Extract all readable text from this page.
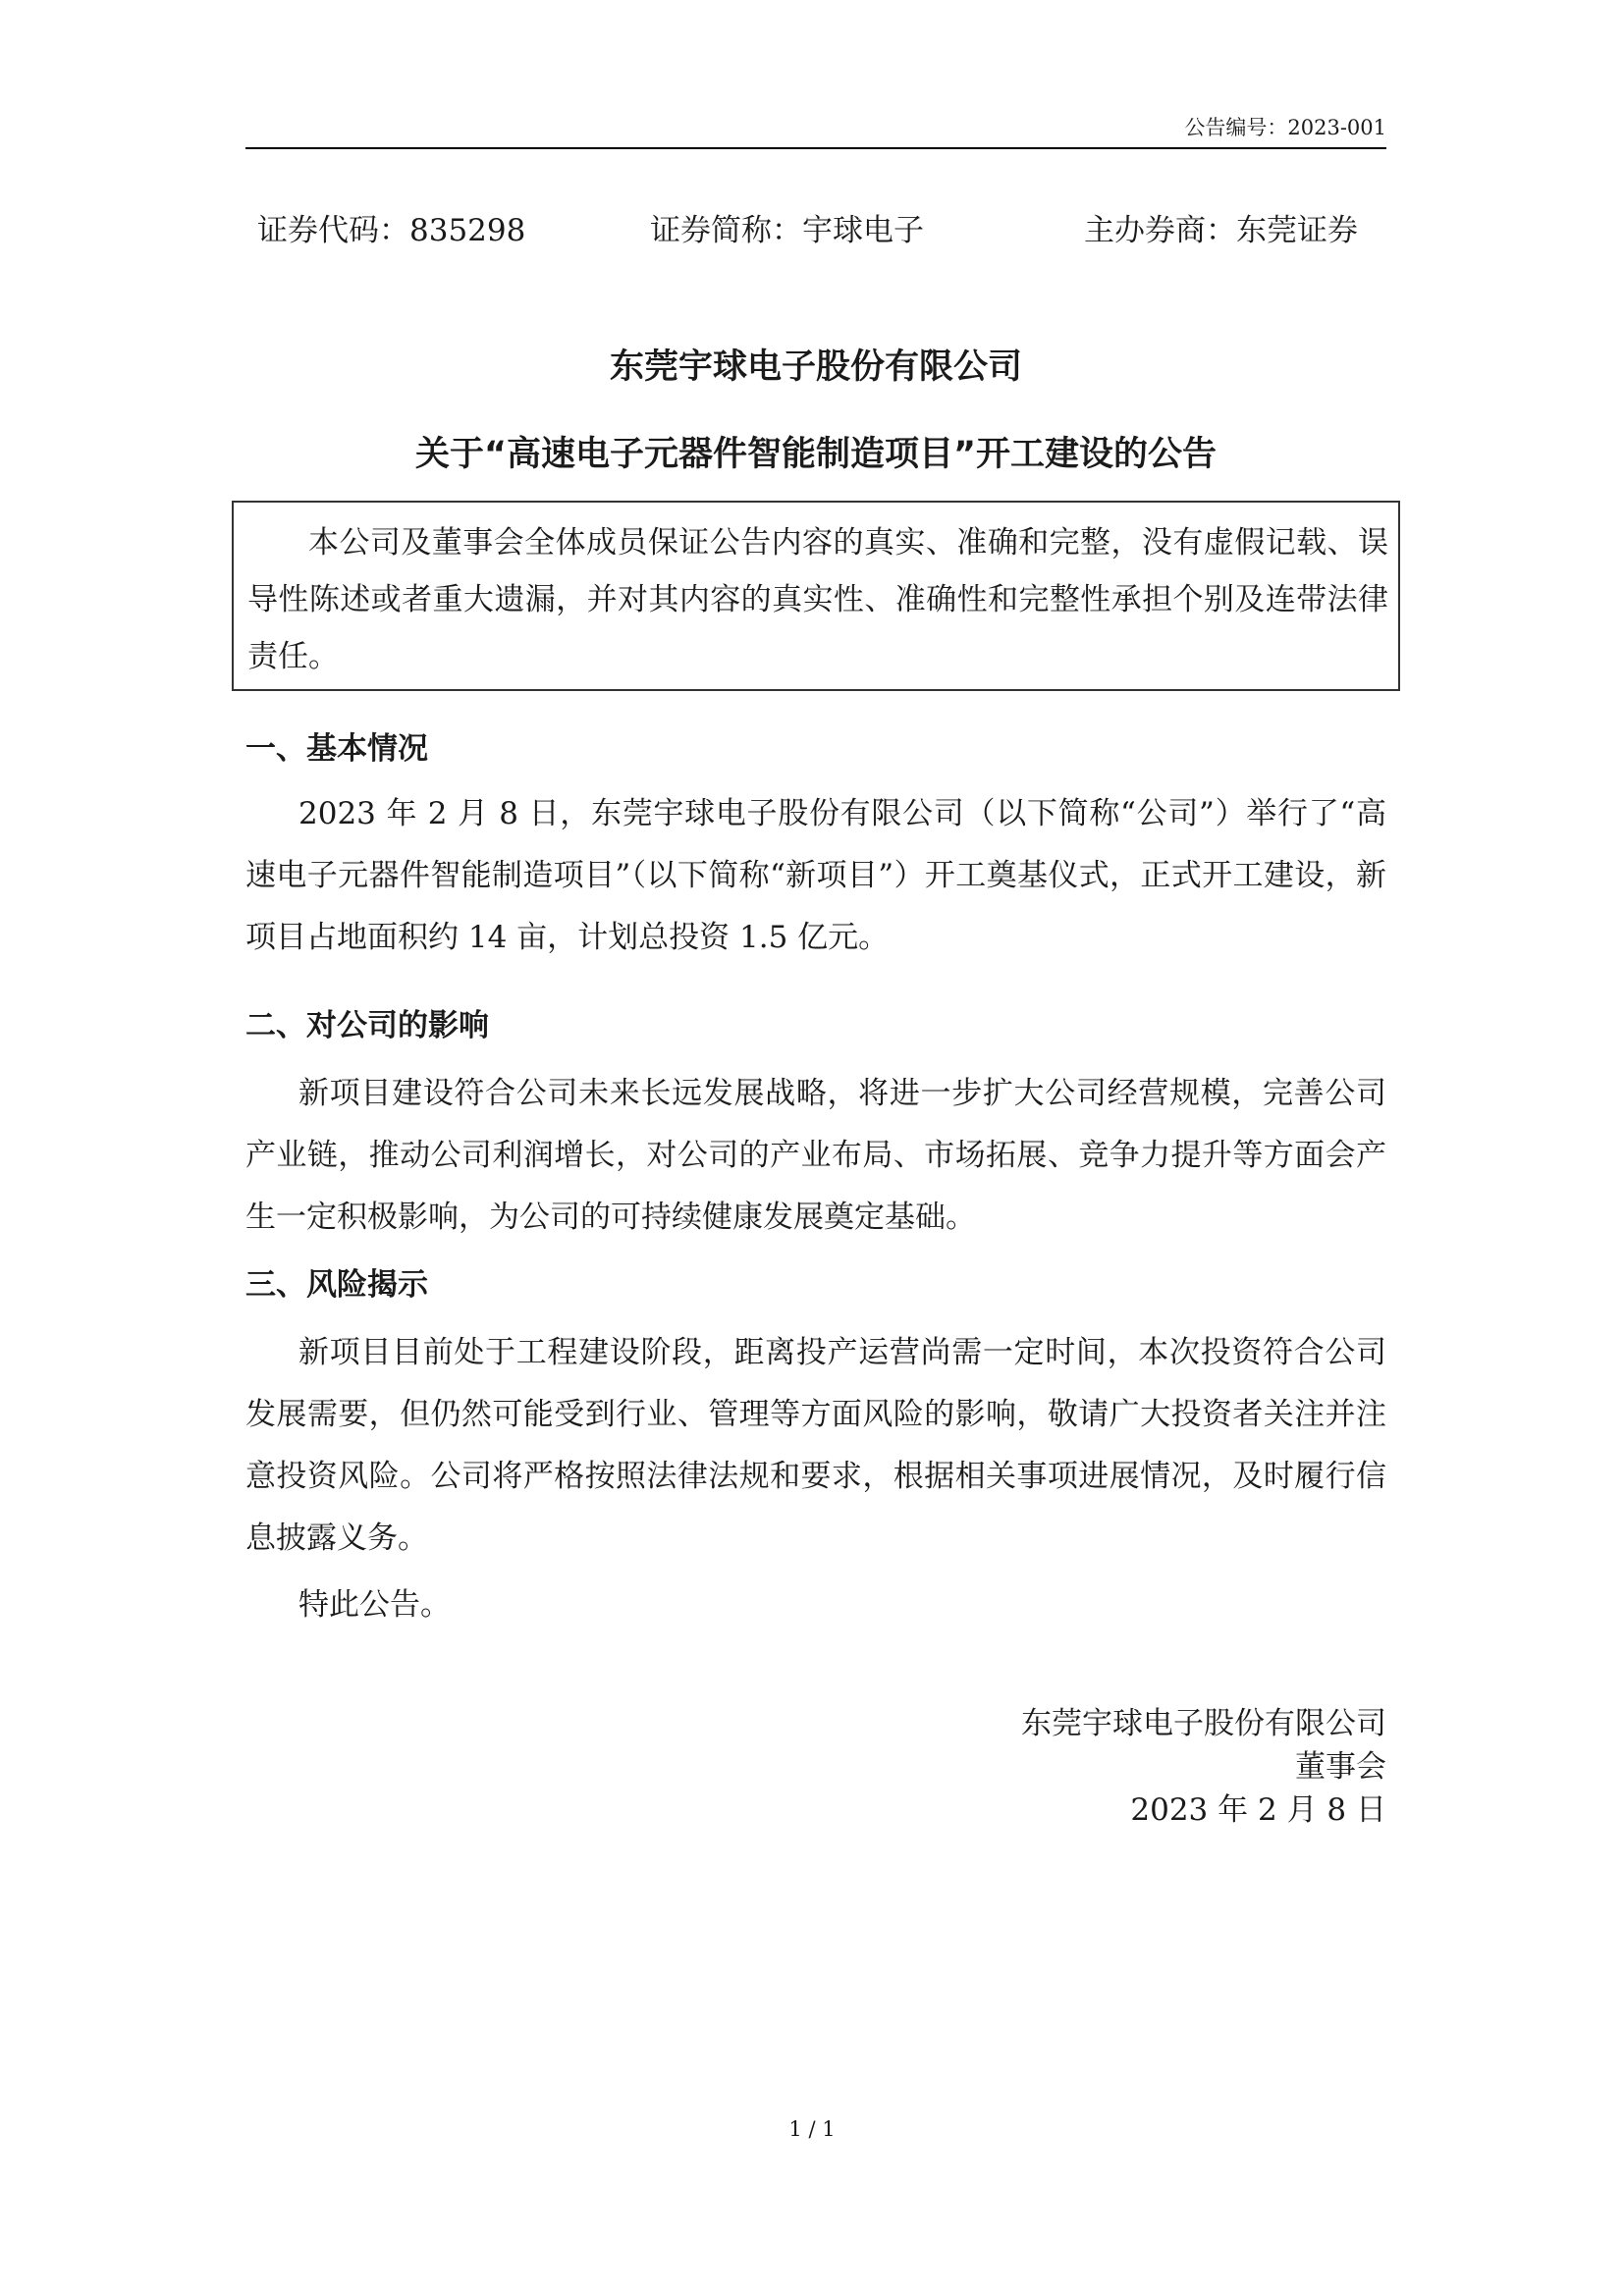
公告编号：2023-001
证券代码：835298	证券简称：宇球电子	主办券商：东莞证券
东莞宇球电子股份有限公司
关于“高速电子元器件智能制造项目”开工建设的公告

本公司及董事会全体成员保证公告内容的真实、准确和完整，没有虚假记载、误导性陈述或者重大遗漏，并对其内容的真实性、准确性和完整性承担个别及连带法律责任。

一、基本情况

2023 年 2 月 8 日，东莞宇球电子股份有限公司（以下简称“公司”）举行了“高速电子元器件智能制造项目”（以下简称“新项目”）开工奠基仪式，正式开工建设，新项目占地面积约 14 亩，计划总投资 1.5 亿元。

二、对公司的影响

新项目建设符合公司未来长远发展战略，将进一步扩大公司经营规模，完善公司产业链，推动公司利润增长，对公司的产业布局、市场拓展、竞争力提升等方面会产生一定积极影响，为公司的可持续健康发展奠定基础。

三、风险揭示

新项目目前处于工程建设阶段，距离投产运营尚需一定时间，本次投资符合公司发展需要，但仍然可能受到行业、管理等方面风险的影响，敬请广大投资者关注并注意投资风险。公司将严格按照法律法规和要求，根据相关事项进展情况，及时履行信息披露义务。

特此公告。

东莞宇球电子股份有限公司
董事会
2023 年 2 月 8 日
1 / 1
